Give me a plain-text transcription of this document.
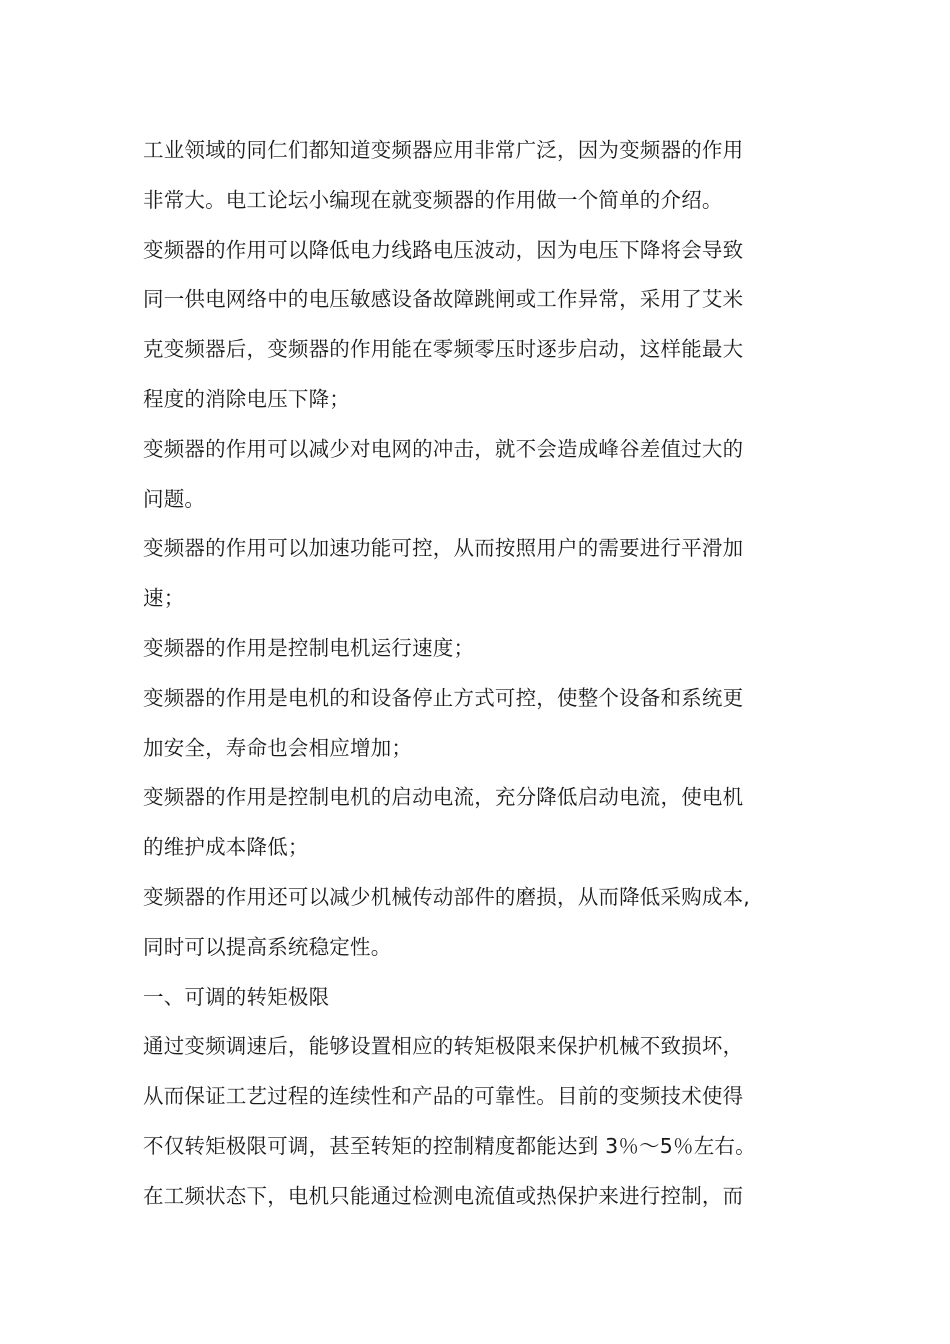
工业领域的同仁们都知道变频器应用非常广泛，因为变频器的作用

非常大。电工论坛小编现在就变频器的作用做一个简单的介绍。

变频器的作用可以降低电力线路电压波动，因为电压下降将会导致

同一供电网络中的电压敏感设备故障跳闸或工作异常，采用了艾米

克变频器后，变频器的作用能在零频零压时逐步启动，这样能最大

程度的消除电压下降；

变频器的作用可以减少对电网的冲击，就不会造成峰谷差值过大的

问题。

变频器的作用可以加速功能可控，从而按照用户的需要进行平滑加

速；

变频器的作用是控制电机运行速度；

变频器的作用是电机的和设备停止方式可控，使整个设备和系统更

加安全，寿命也会相应增加；

变频器的作用是控制电机的启动电流，充分降低启动电流，使电机

的维护成本降低；

变频器的作用还可以减少机械传动部件的磨损，从而降低采购成本,

同时可以提高系统稳定性。

一、可调的转矩极限

通过变频调速后，能够设置相应的转矩极限来保护机械不致损坏，

从而保证工艺过程的连续性和产品的可靠性。目前的变频技术使得

不仅转矩极限可调，甚至转矩的控制精度都能达到 3％～5％左右。

在工频状态下，电机只能通过检测电流值或热保护来进行控制，而
